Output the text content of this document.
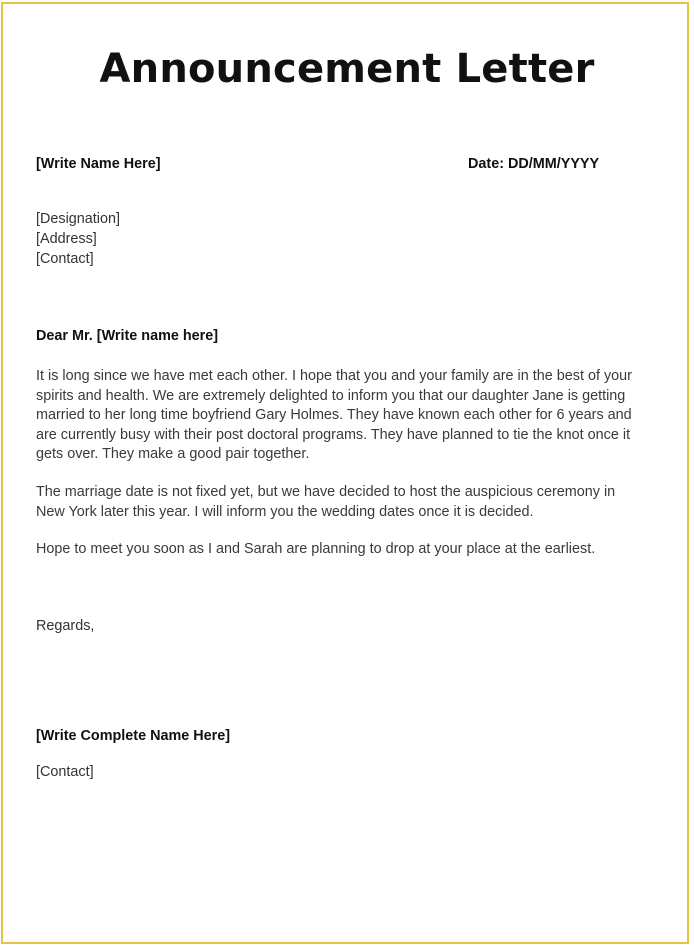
Announcement Letter
[Write Name Here]	Date: DD/MM/YYYY
[Designation]
[Address]
[Contact]
Dear Mr. [Write name here]
It is long since we have met each other. I hope that you and your family are in the best of your
spirits and health. We are extremely delighted to inform you that our daughter Jane is getting
married to her long time boyfriend Gary Holmes. They have known each other for 6 years and
are currently busy with their post doctoral programs. They have planned to tie the knot once it
gets over. They make a good pair together.
The marriage date is not fixed yet, but we have decided to host the auspicious ceremony in
New York later this year. I will inform you the wedding dates once it is decided.
Hope to meet you soon as I and Sarah are planning to drop at your place at the earliest.
Regards,
[Write Complete Name Here]
[Contact]
